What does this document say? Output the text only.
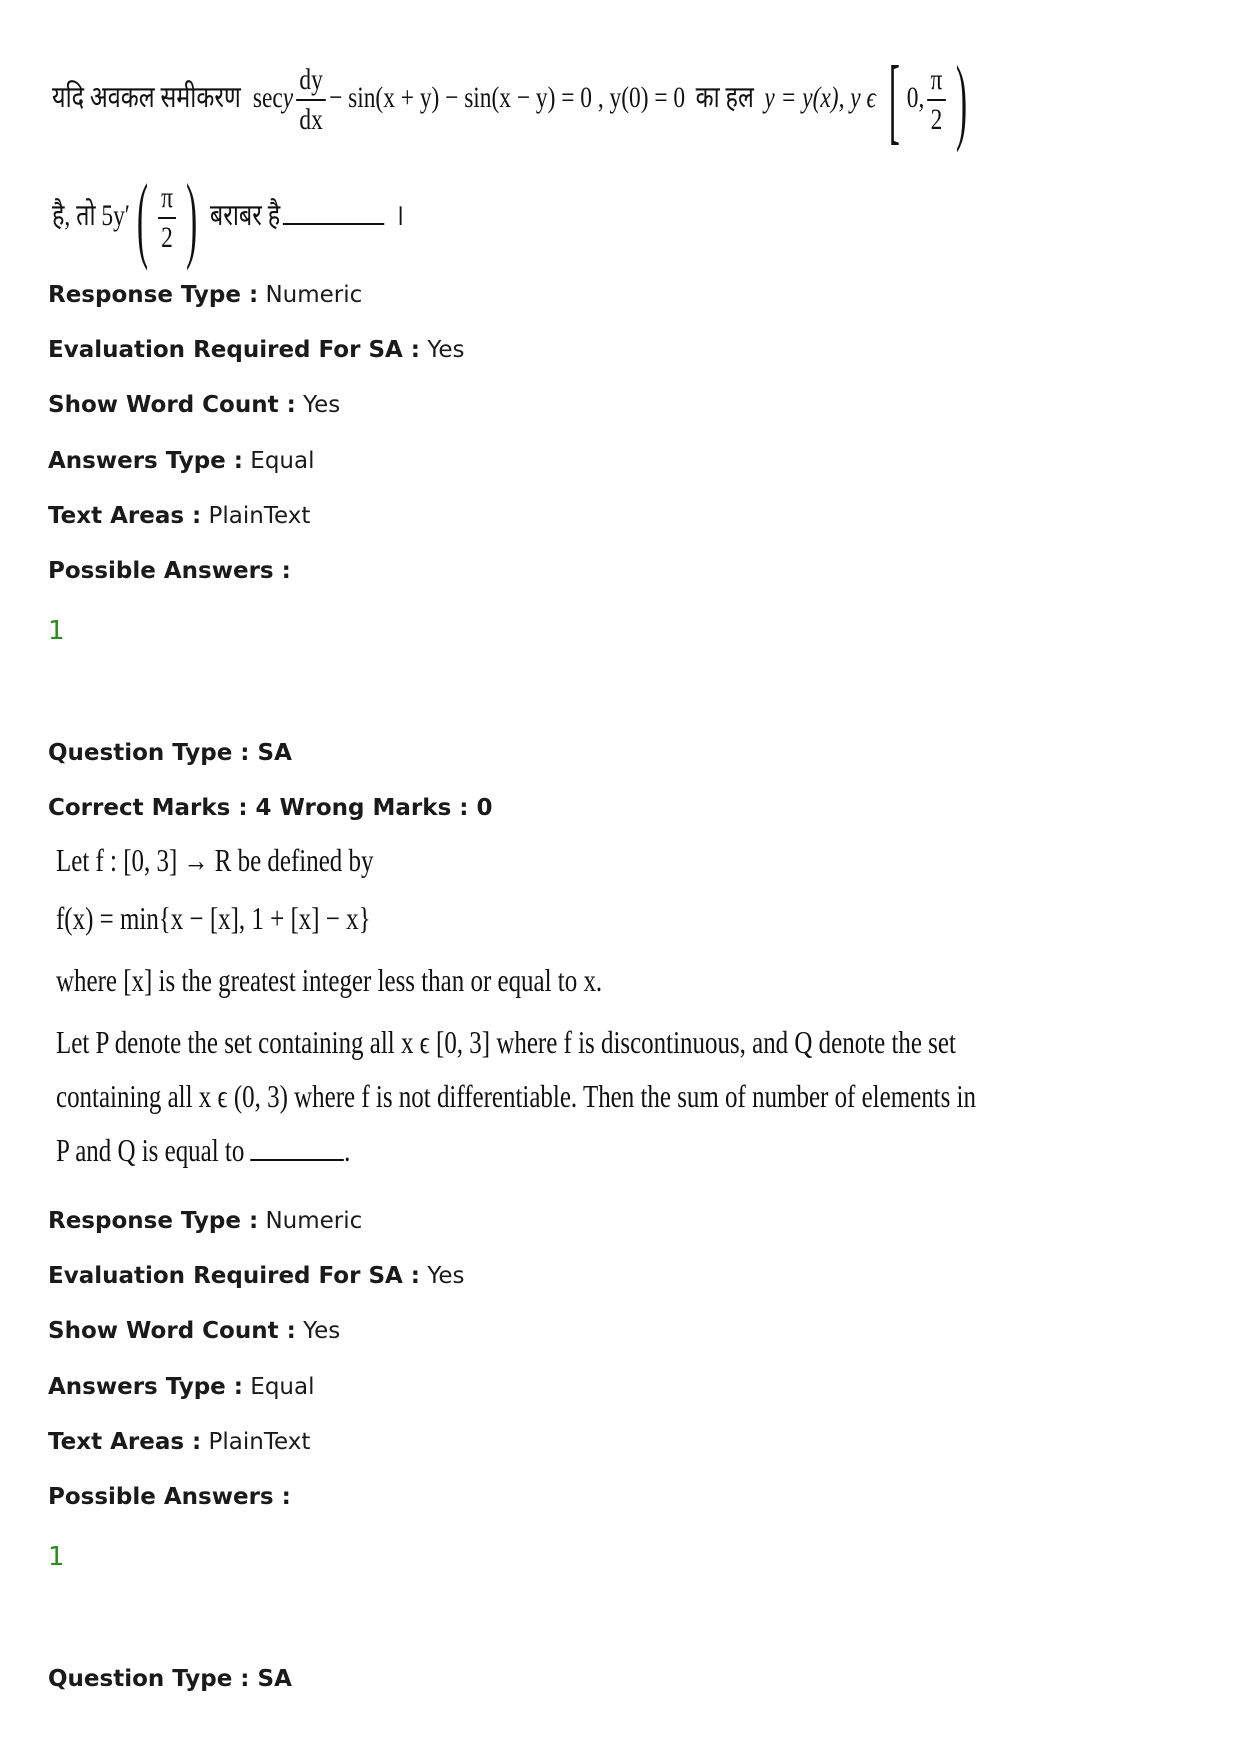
यदि अवकल समीकरण secy $\frac{dy}{dx} - \sin(x + y) - \sin(x - y) = 0$ , y(0) = 0 का हल y = y(x), y ϵ [ 0, $\frac{\pi}{2}$ )
है, तो $5y'( \frac{\pi}{2}$ ) बराबर है	।
Response Type : Numeric
Evaluation Required For SA : Yes
Show Word Count : Yes
Answers Type : Equal
Text Areas : PlainText
Possible Answers :
1
Question Type : SA
Correct Marks : 4 Wrong Marks : 0
Let f : [0, 3] → R be defined by
f(x) = min{x − [x], 1 + [x] − x}
where [x] is the greatest integer less than or equal to x.
Let P denote the set containing all x ϵ [0, 3] where f is discontinuous, and Q denote the set
containing all x ϵ (0, 3) where f is not differentiable. Then the sum of number of elements in
P and Q is equal to	.
Response Type : Numeric
Evaluation Required For SA : Yes
Show Word Count : Yes
Answers Type : Equal
Text Areas : PlainText
Possible Answers :
1
Question Type : SA
